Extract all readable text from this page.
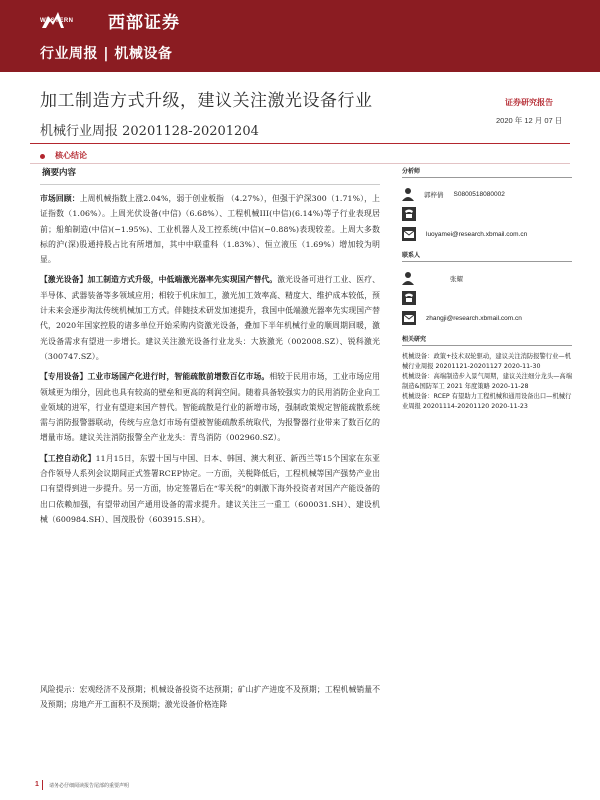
西部证券
WESTERN
行业周报 | 机械设备
加工制造方式升级，建议关注激光设备行业	证券研究报告
机械行业周报 20201128-20201204
2020 年 12 月 07 日
核心结论
摘要内容

市场回顾：上周机械指数上涨2.04%，弱于创业板指 （4.27%），但强于沪深300（1.71%），上证指数（1.06%）。上周光伏设备(中信)（6.68%）、工程机械III(中信)(6.14%)等子行业表现居前；船舶制造(中信)(−1.95%)、工业机器人及工控系统(中信)(−0.88%)表现较差。上周大多数标的沪(深)股通持股占比有所增加，其中中联重科（1.83%）、恒立液压（1.69%）增加较为明显。

【激光设备】加工制造方式升级，中低端激光器率先实现国产替代。激光设备可进行工业、医疗、半导体、武器装备等多领域应用；相较于机床加工，激光加工效率高、精度大、维护成本较低，预计未来会逐步淘汰传统机械加工方式。伴随技术研发加速提升，我国中低端激光器率先实现国产替代，2020年国家控股的诸多单位开始采购内资激光设备，叠加下半年机械行业的顺周期回暖，激光设备需求有望进一步增长。建议关注激光设备行业龙头：大族激光（002008.SZ）、锐科激光（300747.SZ）。

【专用设备】工业市场国产化进行时，智能疏散前增数百亿市场。相较于民用市场，工业市场应用领域更为细分，因此也具有较高的壁垒和更高的利润空间。随着具备较强实力的民用消防企业向工业领域的进军，行业有望迎来国产替代。智能疏散是行业的新增市场，强制政策规定智能疏散系统需与消防报警器联动，传统与应急灯市场有望被智能疏散系统取代，为报警器行业带来了数百亿的增量市场。建议关注消防报警全产业龙头：青鸟消防（002960.SZ）。

【工控自动化】11月15日，东盟十国与中国、日本、韩国、澳大利亚、新西兰等15个国家在东亚合作领导人系列会议期间正式签署RCEP协定。一方面，关税降低后，工程机械等国产强势产业出口有望得到进一步提升。另一方面，协定签署后在“零关税”的刺激下海外投资者对国产产能设备的出口依赖加强，有望带动国产通用设备的需求提升。建议关注三一重工（600031.SH）、建设机械（600984.SH）、国茂股份（603915.SH）。

风险提示：宏观经济不及预期；机械设备投资不达预期；矿山扩产进度不及预期；工程机械销量不及预期；房地产开工面积不及预期；激光设备价格连降
分析师
郭梓倩 S0800518080002
luoyamei@research.xbmail.com.cn
联系人
张耀
zhangji@research.xbmail.com.cn
相关研究
机械设备：政策+技术双轮驱动，建议关注消防报警行业—机械行业周报 20201121-20201127 2020-11-30
机械设备：高端制造步入景气周期，建议关注细分龙头—高端制造&国防军工 2021 年度策略 2020-11-28
机械设备：RCEP 有望助力工程机械和通用设备出口—机械行业周报 20201114-20201120 2020-11-23
1 请务必仔细阅读报告尾部的重要声明
